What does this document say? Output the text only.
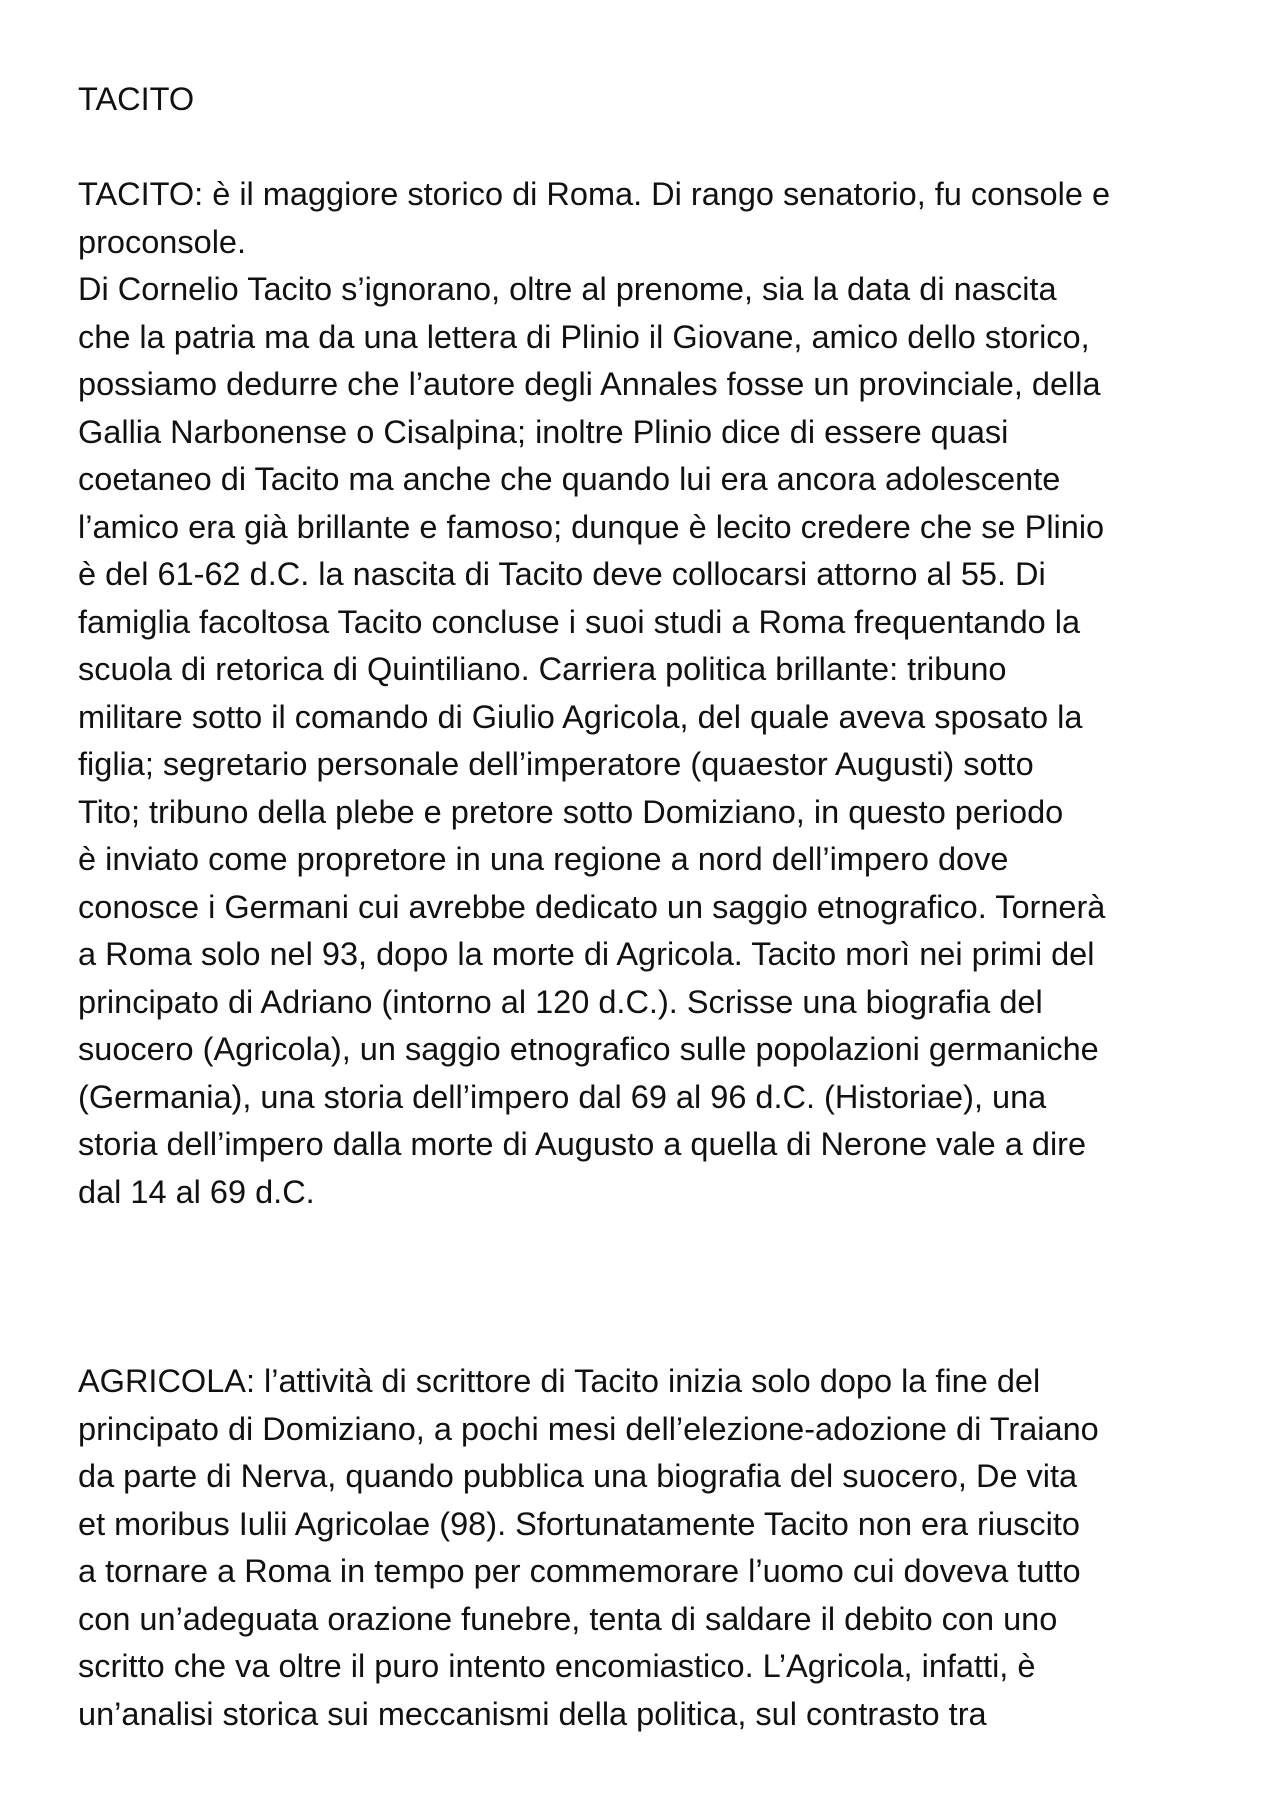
TACITO

TACITO: è il maggiore storico di Roma. Di rango senatorio, fu console e
proconsole.
Di Cornelio Tacito s’ignorano, oltre al prenome, sia la data di nascita
che la patria ma da una lettera di Plinio il Giovane, amico dello storico,
possiamo dedurre che l’autore degli Annales fosse un provinciale, della
Gallia Narbonense o Cisalpina; inoltre Plinio dice di essere quasi
coetaneo di Tacito ma anche che quando lui era ancora adolescente
l’amico era già brillante e famoso; dunque è lecito credere che se Plinio
è del 61-62 d.C. la nascita di Tacito deve collocarsi attorno al 55. Di
famiglia facoltosa Tacito concluse i suoi studi a Roma frequentando la
scuola di retorica di Quintiliano. Carriera politica brillante: tribuno
militare sotto il comando di Giulio Agricola, del quale aveva sposato la
figlia; segretario personale dell’imperatore (quaestor Augusti) sotto
Tito; tribuno della plebe e pretore sotto Domiziano, in questo periodo
è inviato come propretore in una regione a nord dell’impero dove
conosce i Germani cui avrebbe dedicato un saggio etnografico. Tornerà
a Roma solo nel 93, dopo la morte di Agricola. Tacito morì nei primi del
principato di Adriano (intorno al 120 d.C.). Scrisse una biografia del
suocero (Agricola), un saggio etnografico sulle popolazioni germaniche
(Germania), una storia dell’impero dal 69 al 96 d.C. (Historiae), una
storia dell’impero dalla morte di Augusto a quella di Nerone vale a dire
dal 14 al 69 d.C.

AGRICOLA: l’attività di scrittore di Tacito inizia solo dopo la fine del
principato di Domiziano, a pochi mesi dell’elezione-adozione di Traiano
da parte di Nerva, quando pubblica una biografia del suocero, De vita
et moribus Iulii Agricolae (98). Sfortunatamente Tacito non era riuscito
a tornare a Roma in tempo per commemorare l’uomo cui doveva tutto
con un’adeguata orazione funebre, tenta di saldare il debito con uno
scritto che va oltre il puro intento encomiastico. L’Agricola, infatti, è
un’analisi storica sui meccanismi della politica, sul contrasto tra
